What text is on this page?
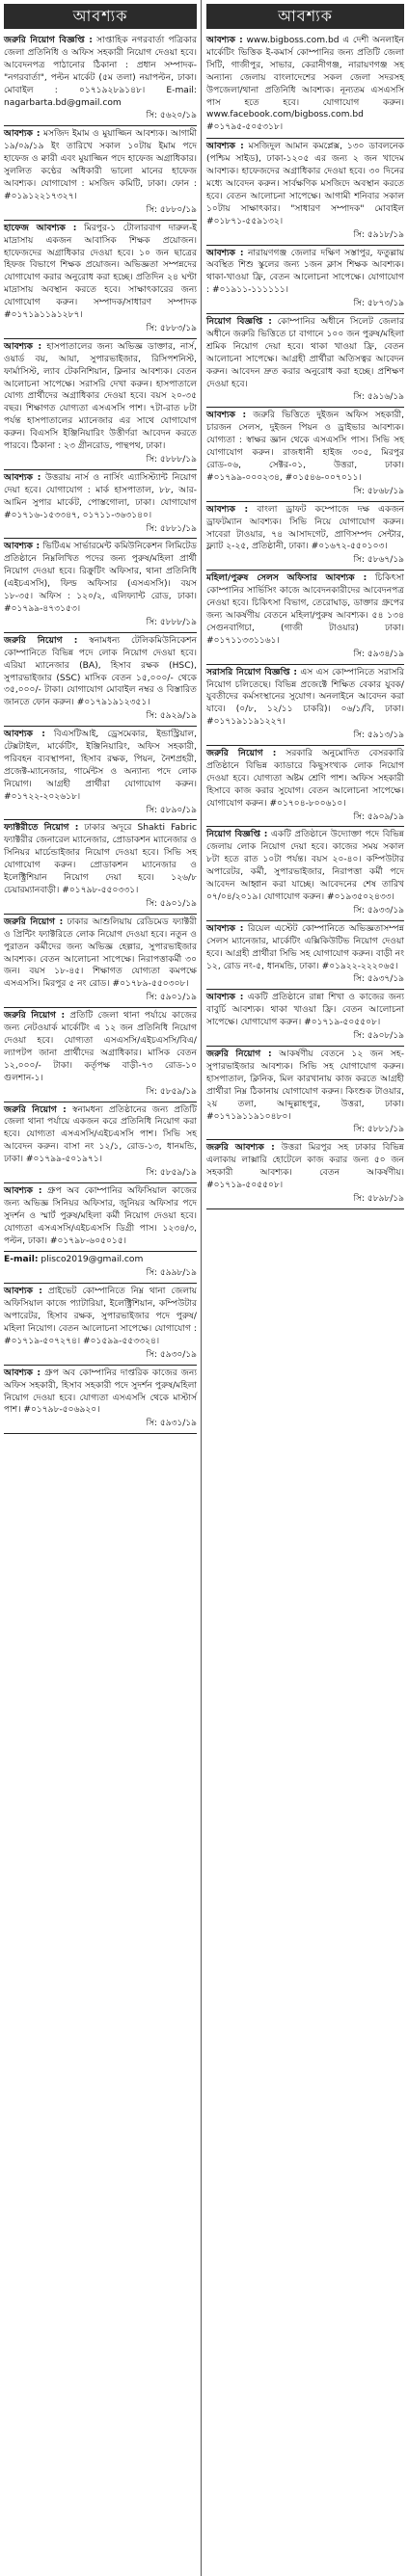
আবশ্যক

জরুরি নিয়োগ বিজ্ঞপ্তি : সাপ্তাহিক নগরবার্তা পত্রিকার জেলা প্রতিনিধি ও অফিস সহকারী নিয়োগ দেওয়া হবে। আবেদনপত্র পাঠানোর ঠিকানা : প্রধান সম্পাদক-"নগরবার্তা", পল্টন মার্কেট (৫ম তলা) নয়াপল্টন, ঢাকা। মোবাইল : ০১৭১৯২৮৯১৪৮। E-mail: nagarbarta.bd@gmail.com

সি: ৫৬২০/১৯

আবশ্যক : মসজিদ ইমাম ও মুয়াজ্জিন আবশ্যক। আগামী ১৯/০৯/১৯ ইং তারিখে সকাল ১০টায় ইমাম পদে হাফেজ ও ক্বারী এবং মুয়াজ্জিন পদে হাফেজ অগ্রাধিকার। সুললিত কণ্ঠের অধিকারী ভালো মানের হাফেজ আবশ্যক। যোগাযোগ : মসজিদ কমিটি, ঢাকা। ফোন : #০১৯১২২১৭৩২৭।

সি: ৫৮৮০/১৯

হাফেজ আবশ্যক : মিরপুর-১ টোলারবাগ দারুল-ই মাদ্রাসায় একজন আবাসিক শিক্ষক প্রয়োজন। হাফেজদের অগ্রাধিকার দেওয়া হবে। ১০ জন ছাত্রের হিফজ বিভাগে শিক্ষক প্রয়োজন। অভিজ্ঞতা সম্পন্নদের যোগাযোগ করার অনুরোধ করা হচ্ছে। প্রতিদিন ২৪ ঘণ্টা মাদ্রাসায় অবস্থান করতে হবে। সাক্ষাৎকারের জন্য যোগাযোগ করুন। সম্পাদক/সাধারণ সম্পাদক #০১৭১৯১১৯১২৮৭।

সি: ৫৮৮৩/১৯

আবশ্যক : হাসপাতালের জন্য অভিজ্ঞ ডাক্তার, নার্স, ওয়ার্ড বয়, আয়া, সুপারভাইজার, রিসিপশনিস্ট, ফার্মাসিস্ট, ল্যাব টেকনিশিয়ান, ক্লিনার আবশ্যক। বেতন আলোচনা সাপেক্ষে। সরাসরি দেখা করুন। হাসপাতালে যোগ্য প্রার্থীদের অগ্রাধিকার দেওয়া হবে। বয়স ২০-৩৫ বছর। শিক্ষাগত যোগ্যতা এসএসসি পাশ। ৭টা-রাত ৮টা পর্যন্ত হাসপাতালের ম্যানেজার এর সাথে যোগাযোগ করুন। বিএসসি ইঞ্জিনিয়ারিং উত্তীর্ণরা আবেদন করতে পারবে। ঠিকানা : ২৩ গ্রীনরোড, পান্থপথ, ঢাকা।

সি: ৫৮৮৮/১৯

আবশ্যক : উত্তরায় নার্স ও নার্সিং এ্যাসিস্ট্যান্ট নিয়োগ দেয়া হবে। যোগাযোগ : মার্ক হাসপাতাল, ৮৮, আর-আমিন সুপার মার্কেট, পোস্তগোলা, ঢাকা। যোগাযোগ #০১৭১৬-১৫৩৩৪৭, ০১৭১১-৩৬৩১৪০।

সি: ৫৮৮১/১৯

আবশ্যক : ভিটিএম সার্ভারমেন্ট কমিউনিকেশন লিমিটেড প্রতিষ্ঠানে নিম্নলিখিত পদের জন্য পুরুষ/মহিলা প্রার্থী নিয়োগ দেওয়া হবে। রিক্রুটিং অফিসার, থানা প্রতিনিধি (এইচএসসি), ফিল্ড অফিসার (এসএসসি)। বয়স ১৮-৩৫। অফিস : ১২০/২, এলিফ্যান্ট রোড, ঢাকা। #০১৭৯৯-৪৭৩১৫৩।

সি: ৫৮৮৮/১৯

জরুরি নিয়োগ : স্বনামধন্য টেলিকমিউনিকেশন কোম্পানিতে বিভিন্ন পদে লোক নিয়োগ দেওয়া হবে। এরিয়া ম্যানেজার (BA), হিসাব রক্ষক (HSC), সুপারভাইজার (SSC) মাসিক বেতন ১৫,০০০/- থেকে ৩৫,০০০/- টাকা। যোগাযোগ মোবাইল নম্বর ও বিস্তারিত জানতে ফোন করুন। #০১৭৯১৯১২৩৫১।

সি: ৫৯২৯/১৯

আবশ্যক : বিএসটিআই, ড্রেসমেকার, ইন্ডাস্ট্রিয়াল, টেক্সটাইল, মার্কেটিং, ইঞ্জিনিয়ারিং, অফিস সহকারী, পরিবহন ব্যবস্থাপনা, হিসাব রক্ষক, পিয়ন, নৈশপ্রহরী, প্রজেক্ট-ম্যানেজার, গার্মেন্টস ও অন্যান্য পদে লোক নিয়োগ। আগ্রহী প্রার্থীরা যোগাযোগ করুন। #০১৭২২-২০২৬১৮।

সি: ৫৮৯০/১৯

ফ্যাক্টরীতে নিয়োগ : ঢাকার অদূরে Shakti Fabric ফ্যাক্টরীর জেনারেল ম্যানেজার, প্রোডাকশন ম্যানেজার ও সিনিয়র মার্চেন্ডাইজার নিয়োগ দেওয়া হবে। সিভি সহ যোগাযোগ করুন। প্রোডাকশন ম্যানেজার ও ইলেক্ট্রিশিয়ান নিয়োগ দেয়া হবে। ১২৬/৮ চেয়ারম্যানবাড়ী। #০১৭৯৮-৫৫০৩৩১।

সি: ৫৯০১/১৯

জরুরি নিয়োগ : ঢাকার আশুলিয়ায় রেডিমেড ফ্যাক্টরী ও প্রিন্টিং ফ্যাক্টরিতে লোক নিয়োগ দেওয়া হবে। নতুন ও পুরাতন কর্মীদের জন্য অভিজ্ঞ হেল্পার, সুপারভাইজার আবশ্যক। বেতন আলোচনা সাপেক্ষে। নিরাপত্তাকর্মী ৩০ জন। বয়স ১৮-৪৫। শিক্ষাগত যোগ্যতা কমপক্ষে এসএসসি। মিরপুর ৫ নং রোড। #০১৭৮৯-৫৫০৩০৮।

সি: ৫৯০১/১৯

জরুরি নিয়োগ : প্রতিটি জেলা থানা পর্যায়ে কাজের জন্য নেটওয়ার্ক মার্কেটিং এ ১২ জন প্রতিনিধি নিয়োগ দেওয়া হবে। যোগ্যতা এসএসসি/এইচএসসি/বিএ/ল্যাপটপ জানা প্রার্থীদের অগ্রাধিকার। মাসিক বেতন ১২,০০০/- টাকা। কর্তৃপক্ষ বাড়ী-৭৩ রোড-১০ গুলশান-১।

সি: ৫৮৫৯/১৯

জরুরি নিয়োগ : স্বনামধন্য প্রতিষ্ঠানের জন্য প্রতিটি জেলা থানা পর্যায়ে একজন করে প্রতিনিধি নিয়োগ করা হবে। যোগ্যতা এসএসসি/এইচএসসি পাশ। সিভি সহ আবেদন করুন। বাসা নং ১২/১, রোড-১৩, ধানমন্ডি, ঢাকা। #০১৭৯৯-৫০১৯৭১।

সি: ৫৮৫৯/১৯

আবশ্যক : গ্রুপ অব কোম্পানির অফিসিয়াল কাজের জন্য অভিজ্ঞ সিনিয়র অফিসার, জুনিয়র অফিসার পদে সুদর্শন ও স্মার্ট পুরুষ/মহিলা কর্মী নিয়োগ দেওয়া হবে। যোগ্যতা এসএসসি/এইচএসসি ডিগ্রী পাস। ১২৩৪/৩, পল্টন, ঢাকা। #০১৭৯৮-৬০৫০১৫।

E-mail: plisco2019@gmail.com

সি: ৫৯৯৮/১৯

আবশ্যক : প্রাইভেট কোম্পানিতে নিম্ন থানা জেলায় অফিসিয়াল কাজে প্যাটারিয়া, ইলেক্ট্রিশিয়ান, কম্পিউটার অপারেটর, হিসাব রক্ষক, সুপারভাইজার পদে পুরুষ/মহিলা নিয়োগ। বেতন আলোচনা সাপেক্ষে। যোগাযোগ : #০১৭১৯-৫০৭২৭৪। #০১৫৯৯-৫৫৩৩২৪।

সি: ৫৯৩০/১৯

আবশ্যক : গ্রুপ অব কোম্পানির দাপ্তরিক কাজের জন্য অফিস সহকারী, হিসাব সহকারী পদে সুদর্শন পুরুষ/মহিলা নিয়োগ দেওয়া হবে। যোগ্যতা এসএসসি থেকে মাস্টার্স পাশ। #০১৭৯৮-৫০৬৯২০।

সি: ৫৯৩১/১৯
আবশ্যক

আবশ্যক : www.bigboss.com.bd এ দেশী অনলাইন মার্কেটিং ভিত্তিক ই-কমার্স কোম্পানির জন্য প্রতিটি জেলা সিটি, গাজীপুর, সাভার, কেরানীগঞ্জ, নারায়ণগঞ্জ সহ অন্যান্য জেলায় বাংলাদেশের সকল জেলা সদরসহ উপজেলা/থানা প্রতিনিধি আবশ্যক। নূন্যতম এসএসসি পাস হতে হবে। যোগাযোগ করুন। www.facebook.com/bigboss.com.bd #০১৭৯৫-৫০৫৩১৮।

আবশ্যক : মসজিদুল আমান কমপ্লেক্স, ১৩০ ডাবলনেক (পশ্চিম সাইড), ঢাকা-১২০৫ এর জন্য ২ জন খাদেম আবশ্যক। হাফেজদের অগ্রাধিকার দেওয়া হবে। ৩০ দিনের মধ্যে আবেদন করুন। সার্বক্ষণিক মসজিদে অবস্থান করতে হবে। বেতন আলোচনা সাপেক্ষে। আগামী শনিবার সকাল ১০টায় সাক্ষাৎকার। "সাধারণ সম্পাদক" মোবাইল #০১৮৭১-৫৫৯১৩২।

সি: ৫৯১৮/১৯

আবশ্যক : নারায়ণগঞ্জ জেলার দক্ষিণ সস্তাপুর, ফতুল্লায় অবস্থিত শিশু স্কুলের জন্য ১জন ক্লাস শিক্ষক আবশ্যক। থাকা-খাওয়া ফ্রি, বেতন আলোচনা সাপেক্ষে। যোগাযোগ : #০১৯১১-১১১১১১।

সি: ৫৮৭৩/১৯

নিয়োগ বিজ্ঞপ্তি : কোম্পানির অধীনে সিলেট জেলার অধীনে জরুরি ভিত্তিতে চা বাগানে ১০০ জন পুরুষ/মহিলা শ্রমিক নিয়োগ দেয়া হবে। থাকা খাওয়া ফ্রি, বেতন আলোচনা সাপেক্ষে। আগ্রহী প্রার্থীরা অতিসত্বর আবেদন করুন। আবেদন দ্রুত করার অনুরোধ করা হচ্ছে। প্রশিক্ষণ দেওয়া হবে।

সি: ৫৯১৬/১৯

আবশ্যক : জরুরি ভিত্তিতে দুইজন অফিস সহকারী, চারজন সেলস, দুইজন পিয়ন ও ড্রাইভার আবশ্যক। যোগ্যতা : স্বাক্ষর জ্ঞান থেকে এসএসসি পাস। সিভি সহ যোগাযোগ করুন। রাজধানী হাইজ ৩০৫, মিরপুর রোড-০৬, সেক্টর-০১, উত্তরা, ঢাকা। #০১৭৯৯-০০০২৩৪, #০১৫৪৬-০০৭০১১।

সি: ৫৮৬৮/১৯

আবশ্যক : বাংলা ড্রাফট কম্পোজে দক্ষ একজন ড্রাফটম্যান আবশ্যক। সিভি নিয়ে যোগাযোগ করুন। সাবেরা টাওয়ার, ৭৪ আসাদগেট, প্রাণিসম্পদ সেন্টার, ফ্ল্যাট ২-২৫, প্রতিষ্ঠানী, ঢাকা। #০১৬৭২-৫৫০১০৩।

সি: ৫৮৬৭/১৯

মহিলা/পুরুষ সেলস অফিসার আবশ্যক : চিকিৎসা কোম্পানির সার্ভিসিং কাজে আবেদনকারীদের আবেদনপত্র নেওয়া হবে। চিকিৎসা বিভাগ, তেরোঘাড়, ডাক্তার গ্রুপের জন্য আকর্ষণীয় বেতনে মহিলা/পুরুষ আবশ্যক। ৫৪ ১৩৪ সেগুনবাগিচা, (গাজী টাওয়ার) ঢাকা। #০১৭১১৩৩১১৬১।

সি: ৫৯৩৪/১৯

সরাসরি নিয়োগ বিজ্ঞপ্তি : এস এস কোম্পানিতে সরাসরি নিয়োগ চলিতেছে। বিভিন্ন প্রজেক্টে শিক্ষিত বেকার যুবক/যুবতীদের কর্মসংস্থানের সুযোগ। অনলাইনে আবেদন করা যাবে। (০/৮, ১২/১১ চাকরি)। ০৬/১/বি, ঢাকা। #০১৭১৯১১৯১২২৭।

সি: ৫৯১৩/১৯

জরুরি নিয়োগ : সরকারি অনুমোদিত বেসরকারি প্রতিষ্ঠানে বিভিন্ন ক্যাডারে কিছুসংখ্যক লোক নিয়োগ দেওয়া হবে। যোগ্যতা অষ্টম শ্রেণি পাশ। অফিস সহকারী হিসাবে কাজ করার সুযোগ। বেতন আলোচনা সাপেক্ষে। যোগাযোগ করুন। #০১৭০৪-৮০০৬১০।

সি: ৫৯০৯/১৯

নিয়োগ বিজ্ঞপ্তি : একটি প্রতিষ্ঠানে উদ্যোক্তা পদে বিভিন্ন জেলায় লোক নিয়োগ দেয়া হবে। কাজের সময় সকাল ৮টা হতে রাত ১০টা পর্যন্ত। বয়স ২০-৪০। কম্পিউটার অপারেটর, কর্মী, সুপারভাইজার, নিরাপত্তা কর্মী পদে আবেদন আহ্বান করা যাচ্ছে। আবেদনের শেষ তারিখ ০৭/০৪/২০১৯। যোগাযোগ করুন। #০১৯৩৫০২৪৩৩।

সি: ৫৯৩৩/১৯

আবশ্যক : রিয়েল এস্টেট কোম্পানিতে অভিজ্ঞতাসম্পন্ন সেলস ম্যানেজার, মার্কেটিং এক্সিকিউটিভ নিয়োগ দেওয়া হবে। আগ্রহী প্রার্থীরা সিভি সহ যোগাযোগ করুন। বাড়ী নং ১২, রোড নং-৫, ধানমন্ডি, ঢাকা। #০১৯২২-২২২০৬৫।

সি: ৫৯৩৭/১৯

আবশ্যক : একটি প্রতিষ্ঠানে রান্না শিখা ও কাজের জন্য বাবুর্চি আবশ্যক। থাকা খাওয়া ফ্রি। বেতন আলোচনা সাপেক্ষে। যোগাযোগ করুন। #০১৭১৯-৫০৫৫০৮।

সি: ৫৯০৮/১৯

জরুরি নিয়োগ : আকর্ষণীয় বেতনে ১২ জন সহ-সুপারভাইজার আবশ্যক। সিভি সহ যোগাযোগ করুন। হাসপাতাল, ক্লিনিক, মিল কারখানায় কাজ করতে আগ্রহী প্রার্থীরা নিম্ন ঠিকানায় যোগাযোগ করুন। কিংশুক টাওয়ার, ২য় তলা, আব্দুল্লাহপুর, উত্তরা, ঢাকা। #০১৭১৯১১৯১০৪৮০।

সি: ৫৮৮১/১৯

জরুরি আবশ্যক : উত্তরা মিরপুর সহ ঢাকার বিভিন্ন এলাকায় লাক্সারি হোটেলে কাজ করার জন্য ৫০ জন সহকারী আবশ্যক। বেতন আকর্ষণীয়। #০১৭১৯-৫০৫৫০৮।

সি: ৫৮৯৮/১৯
